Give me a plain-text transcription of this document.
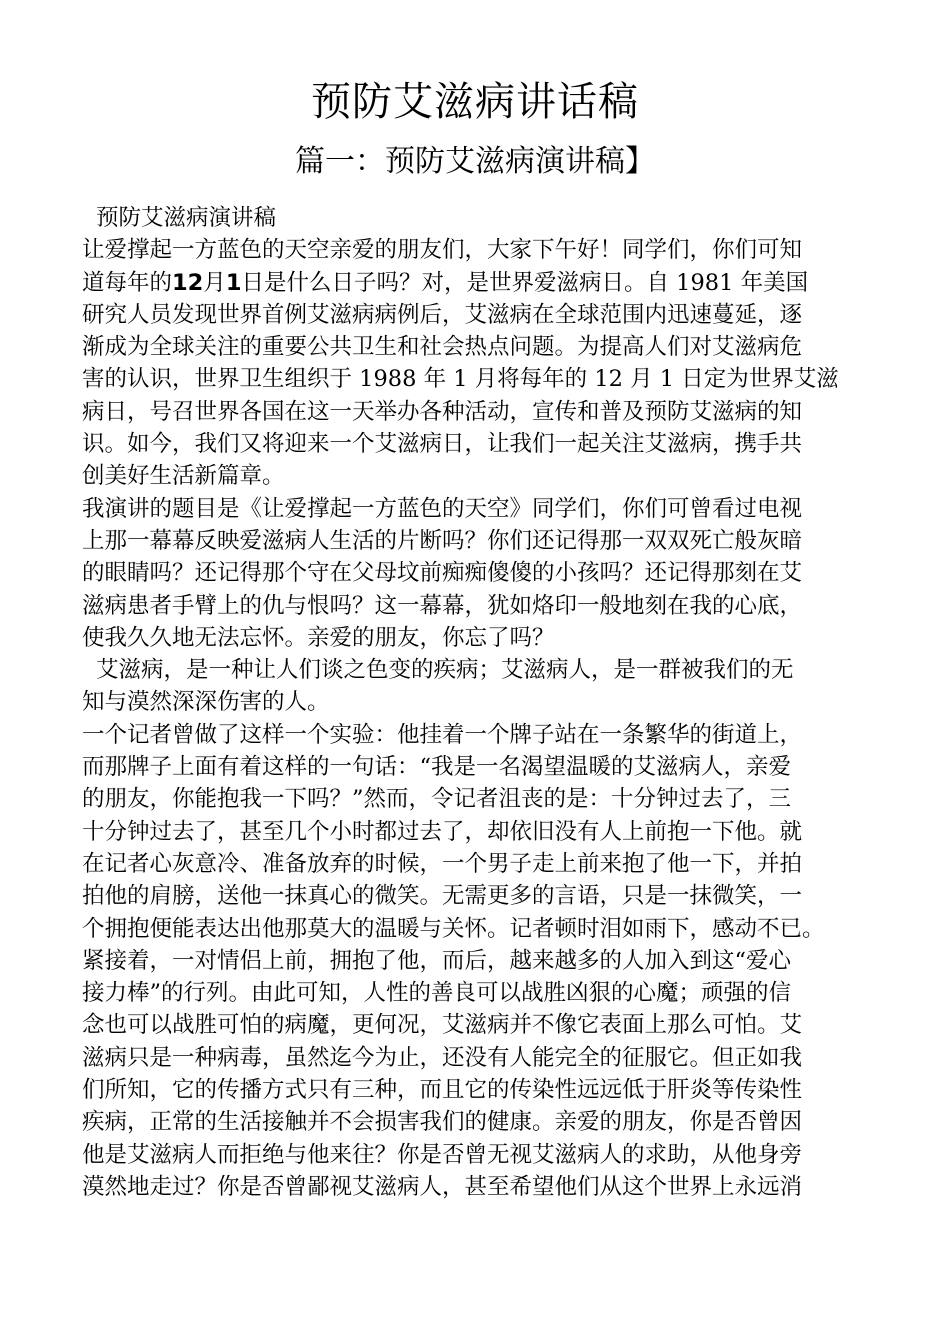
预防艾滋病讲话稿
篇一：预防艾滋病演讲稿】
预防艾滋病演讲稿
让爱撑起一方蓝色的天空亲爱的朋友们，大家下午好！同学们，你们可知
道每年的12月1日是什么日子吗？对，是世界爱滋病日。自 1981 年美国
研究人员发现世界首例艾滋病病例后，艾滋病在全球范围内迅速蔓延，逐
渐成为全球关注的重要公共卫生和社会热点问题。为提高人们对艾滋病危
害的认识，世界卫生组织于 1988 年 1 月将每年的 12 月 1 日定为世界艾滋
病日，号召世界各国在这一天举办各种活动，宣传和普及预防艾滋病的知
识。如今，我们又将迎来一个艾滋病日，让我们一起关注艾滋病，携手共
创美好生活新篇章。
我演讲的题目是《让爱撑起一方蓝色的天空》同学们，你们可曾看过电视
上那一幕幕反映爱滋病人生活的片断吗？你们还记得那一双双死亡般灰暗
的眼睛吗？还记得那个守在父母坟前痴痴傻傻的小孩吗？还记得那刻在艾
滋病患者手臂上的仇与恨吗？这一幕幕，犹如烙印一般地刻在我的心底，
使我久久地无法忘怀。亲爱的朋友，你忘了吗？
艾滋病，是一种让人们谈之色变的疾病；艾滋病人，是一群被我们的无
知与漠然深深伤害的人。
一个记者曾做了这样一个实验：他挂着一个牌子站在一条繁华的街道上，
而那牌子上面有着这样的一句话：“我是一名渴望温暖的艾滋病人，亲爱
的朋友，你能抱我一下吗？”然而，令记者沮丧的是：十分钟过去了，三
十分钟过去了，甚至几个小时都过去了，却依旧没有人上前抱一下他。就
在记者心灰意冷、准备放弃的时候，一个男子走上前来抱了他一下，并拍
拍他的肩膀，送他一抹真心的微笑。无需更多的言语，只是一抹微笑，一
个拥抱便能表达出他那莫大的温暖与关怀。记者顿时泪如雨下，感动不已。
紧接着，一对情侣上前，拥抱了他，而后，越来越多的人加入到这“爱心
接力棒”的行列。由此可知，人性的善良可以战胜凶狠的心魔；顽强的信
念也可以战胜可怕的病魔，更何况，艾滋病并不像它表面上那么可怕。艾
滋病只是一种病毒，虽然迄今为止，还没有人能完全的征服它。但正如我
们所知，它的传播方式只有三种，而且它的传染性远远低于肝炎等传染性
疾病，正常的生活接触并不会损害我们的健康。亲爱的朋友，你是否曾因
他是艾滋病人而拒绝与他来往？你是否曾无视艾滋病人的求助，从他身旁
漠然地走过？你是否曾鄙视艾滋病人，甚至希望他们从这个世界上永远消
